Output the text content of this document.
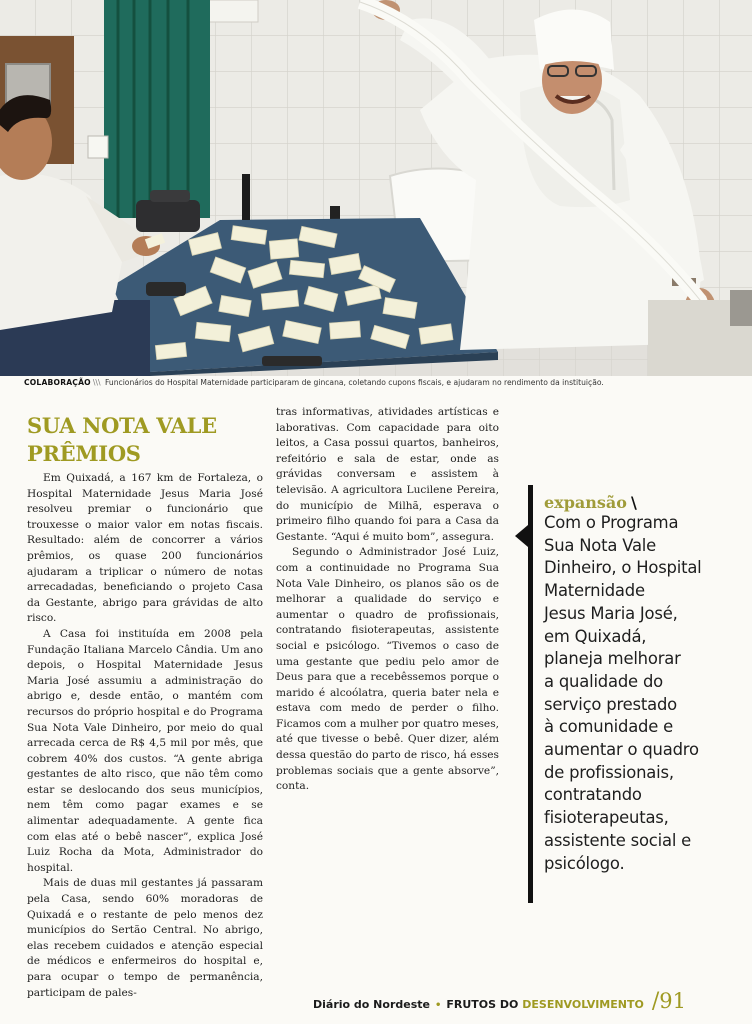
COLABORAÇÃO \\\ Funcionários do Hospital Maternidade participaram de gincana, coletando cupons fiscais, e ajudaram no rendimento da instituição.
SUA NOTA VALE
PRÊMIOS

Em Quixadá, a 167 km de Fortaleza, o Hospital Maternidade Jesus Maria José resolveu premiar o funcionário que trouxesse o maior valor em notas fiscais. Resultado: além de concorrer a vários prêmios, os quase 200 funcionários ajudaram a triplicar o número de notas arrecadadas, beneficiando o projeto Casa da Gestante, abrigo para grávidas de alto risco.

A Casa foi instituída em 2008 pela Fundação Italiana Marcelo Cândia. Um ano depois, o Hospital Maternidade Jesus Maria José assumiu a administração do abrigo e, desde então, o mantém com recursos do próprio hospital e do Programa Sua Nota Vale Dinheiro, por meio do qual arrecada cerca de R$ 4,5 mil por mês, que cobrem 40% dos custos. “A gente abriga gestantes de alto risco, que não têm como estar se deslocando dos seus municípios, nem têm como pagar exames e se alimentar adequadamente. A gente fica com elas até o bebê nascer”, explica José Luiz Rocha da Mota, Administrador do hospital.

Mais de duas mil gestantes já passaram pela Casa, sendo 60% moradoras de Quixadá e o restante de pelo menos dez municípios do Sertão Central. No abrigo, elas recebem cuidados e atenção especial de médicos e enfermeiros do hospital e, para ocupar o tempo de permanência, participam de pales-

tras informativas, atividades artísticas e laborativas. Com capacidade para oito leitos, a Casa possui quartos, banheiros, refeitório e sala de estar, onde as grávidas conversam e assistem à televisão. A agricultora Lucilene Pereira, do município de Milhã, esperava o primeiro filho quando foi para a Casa da Gestante. “Aqui é muito bom”, assegura.

Segundo o Administrador José Luiz, com a continuidade no Programa Sua Nota Vale Dinheiro, os planos são os de melhorar a qualidade do serviço e aumentar o quadro de profissionais, contratando fisioterapeutas, assistente social e psicólogo. “Tivemos o caso de uma gestante que pediu pelo amor de Deus para que a recebêssemos porque o marido é alcoólatra, queria bater nela e estava com medo de perder o filho. Ficamos com a mulher por quatro meses, até que tivesse o bebê. Quer dizer, além dessa questão do parto de risco, há esses problemas sociais que a gente absorve”, conta.

expansão \
Com o Programa
Sua Nota Vale
Dinheiro, o Hospital
Maternidade
Jesus Maria José,
em Quixadá,
planeja melhorar
a qualidade do
serviço prestado
à comunidade e
aumentar o quadro
de profissionais,
contratando
fisioterapeutas,
assistente social e
psicólogo.
Diário do Nordeste • FRUTOS DO
DESENVOLVIMENTO / 91
